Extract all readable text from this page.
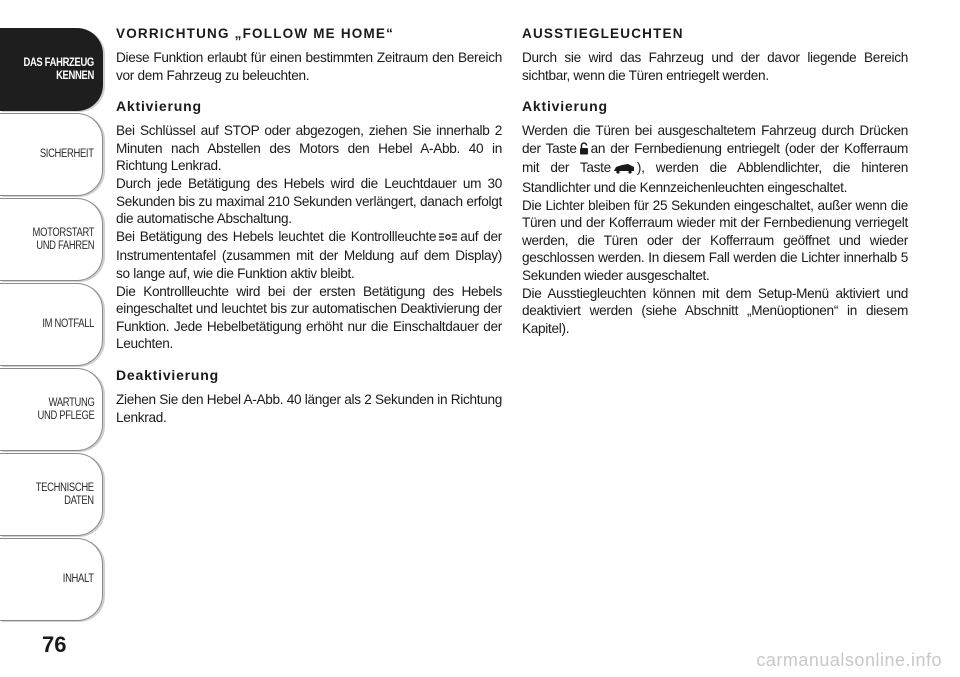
DAS FAHRZEUG
KENNEN
SICHERHEIT
MOTORSTART
UND FAHREN
IM NOTFALL
WARTUNG
UND PFLEGE
TECHNISCHE
DATEN
INHALT
76
VORRICHTUNG „FOLLOW ME HOME“

Diese Funktion erlaubt für einen bestimmten Zeitraum den Bereich vor dem Fahrzeug zu beleuchten.

Aktivierung

Bei Schlüssel auf STOP oder abgezogen, ziehen Sie innerhalb 2 Minuten nach Abstellen des Motors den Hebel A-Abb. 40 in Richtung Lenkrad.

Durch jede Betätigung des Hebels wird die Leuchtdauer um 30 Sekunden bis zu maximal 210 Sekunden verlängert, danach erfolgt die automatische Abschaltung.

Bei Betätigung des Hebels leuchtet die Kontrollleuchte auf der Instrumententafel (zusammen mit der Meldung auf dem Display) so lange auf, wie die Funktion aktiv bleibt.

Die Kontrollleuchte wird bei der ersten Betätigung des Hebels eingeschaltet und leuchtet bis zur automatischen Deaktivierung der Funktion. Jede Hebelbetätigung erhöht nur die Einschaltdauer der Leuchten.

Deaktivierung

Ziehen Sie den Hebel A-Abb. 40 länger als 2 Sekunden in Richtung Lenkrad.

AUSSTIEGLEUCHTEN

Durch sie wird das Fahrzeug und der davor liegende Bereich sichtbar, wenn die Türen entriegelt werden.

Aktivierung

Werden die Türen bei ausgeschaltetem Fahrzeug durch Drücken der Taste an der Fernbedienung entriegelt (oder der Kofferraum mit der Taste ), werden die Abblendlichter, die hinteren Standlichter und die Kennzeichenleuchten eingeschaltet.

Die Lichter bleiben für 25 Sekunden eingeschaltet, außer wenn die Türen und der Kofferraum wieder mit der Fernbedienung verriegelt werden, die Türen oder der Kofferraum geöffnet und wieder geschlossen werden. In diesem Fall werden die Lichter innerhalb 5 Sekunden wieder ausgeschaltet.

Die Ausstiegleuchten können mit dem Setup-Menü aktiviert und deaktiviert werden (siehe Abschnitt „Menüoptionen“ in diesem Kapitel).

carmanualsonline.info
